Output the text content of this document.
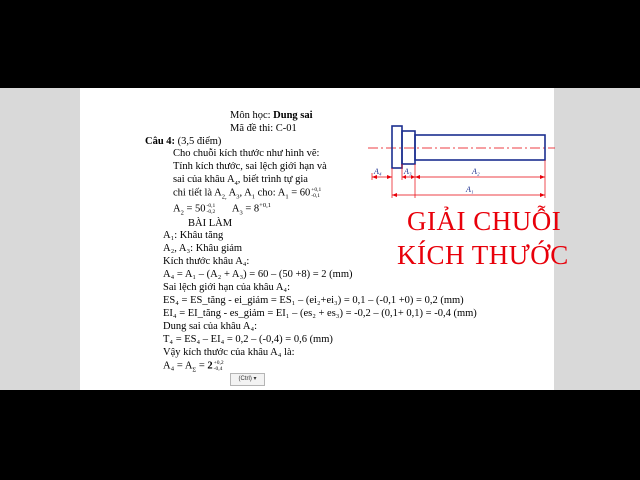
Môn học: Dung sai
Mã đề thi: C-01
Câu 4: (3,5 điểm)
Cho chuỗi kích thước như hình vẽ:
Tính kích thước, sai lệch giới hạn và
sai của khâu $A_4$, biết trình tự gia
chi tiết là $A_{2,}$ $A_3$, $A_1$ cho: $A_1 = 60 +0,1$
-0,1
$A_2 = 50$ -0,1
-0,2 $A_3 = 8^{+0,1}$
BÀI LÀM
A₁: Khâu tăng
A₂, A₃: Khâu giảm
Kích thước khâu A₄:
A₄ = A₁ – (A₂ + A₃) = 60 – (50 +8) = 2 (mm)
Sai lệch giới hạn của khâu A₄:
ES₄ = ES_tăng - ei_giảm = ES₁ – (ei₂+ei₃) = 0,1 – (-0,1 +0) = 0,2 (mm)
EI₄ = EI_tăng - es_giảm = EI₁ – (es₂ + es₃) = -0,2 – (0,1+ 0,1) = -0,4 (mm)
Dung sai của khâu A₄:
T₄ = ES₄ – EI₄ = 0,2 – (-0,4) = 0,6 (mm)
Vậy kích thước của khâu A₄ là:
$A_4 = A_\Sigma = 2 +0,2$
-0,4
(Ctrl) ▾
A₄	A₃	A₂
A₁
GIẢI CHUỖI
KÍCH THƯỚC
